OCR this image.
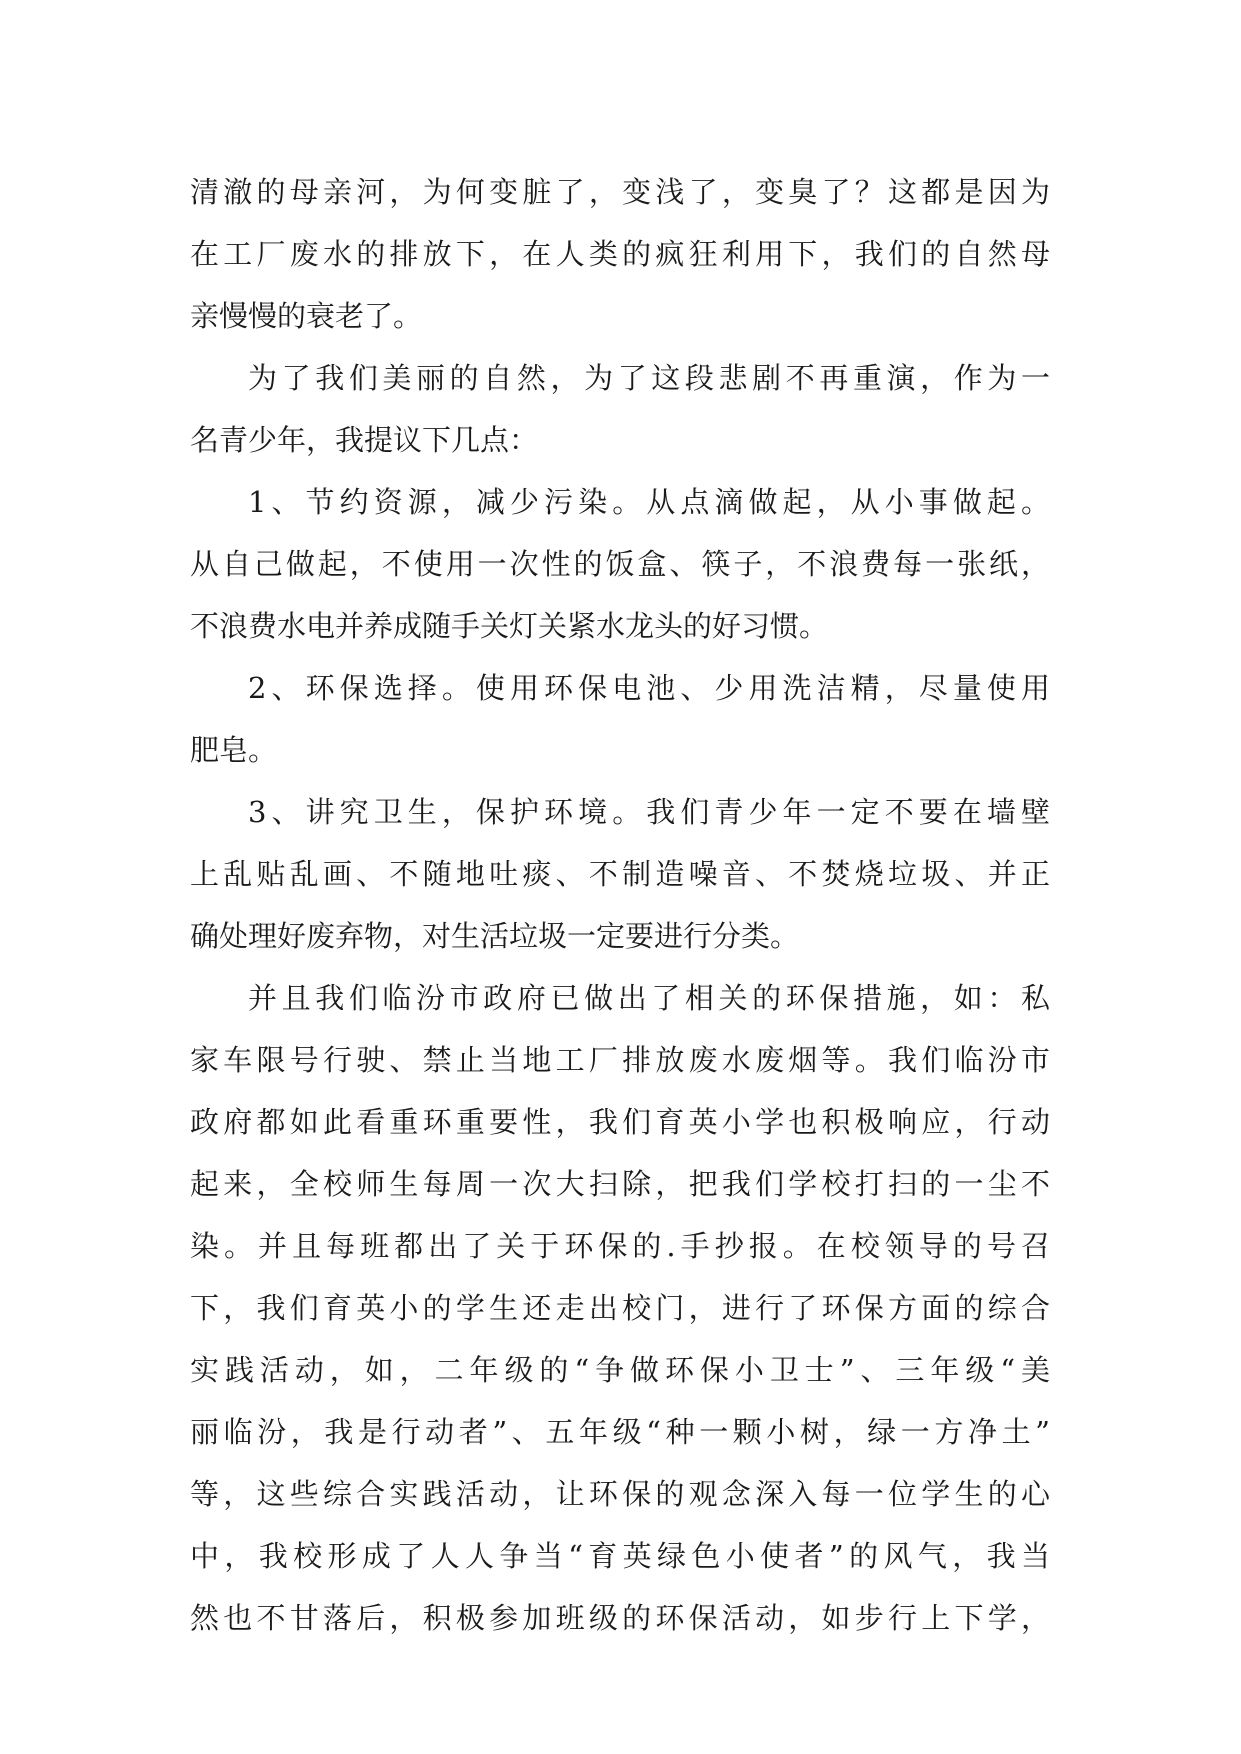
清澈的母亲河，为何变脏了，变浅了，变臭了？这都是因为
在工厂废水的排放下，在人类的疯狂利用下，我们的自然母
亲慢慢的衰老了。
为了我们美丽的自然，为了这段悲剧不再重演，作为一
名青少年，我提议下几点：
1、节约资源，减少污染。从点滴做起，从小事做起。
从自己做起，不使用一次性的饭盒、筷子，不浪费每一张纸，
不浪费水电并养成随手关灯关紧水龙头的好习惯。
2、环保选择。使用环保电池、少用洗洁精，尽量使用
肥皂。
3、讲究卫生，保护环境。我们青少年一定不要在墙壁
上乱贴乱画、不随地吐痰、不制造噪音、不焚烧垃圾、并正
确处理好废弃物，对生活垃圾一定要进行分类。
并且我们临汾市政府已做出了相关的环保措施，如：私
家车限号行驶、禁止当地工厂排放废水废烟等。我们临汾市
政府都如此看重环重要性，我们育英小学也积极响应，行动
起来，全校师生每周一次大扫除，把我们学校打扫的一尘不
染。并且每班都出了关于环保的.手抄报。在校领导的号召
下，我们育英小的学生还走出校门，进行了环保方面的综合
实践活动，如，二年级的“争做环保小卫士”、三年级“美
丽临汾，我是行动者”、五年级“种一颗小树，绿一方净土”
等，这些综合实践活动，让环保的观念深入每一位学生的心
中，我校形成了人人争当“育英绿色小使者”的风气，我当
然也不甘落后，积极参加班级的环保活动，如步行上下学，
